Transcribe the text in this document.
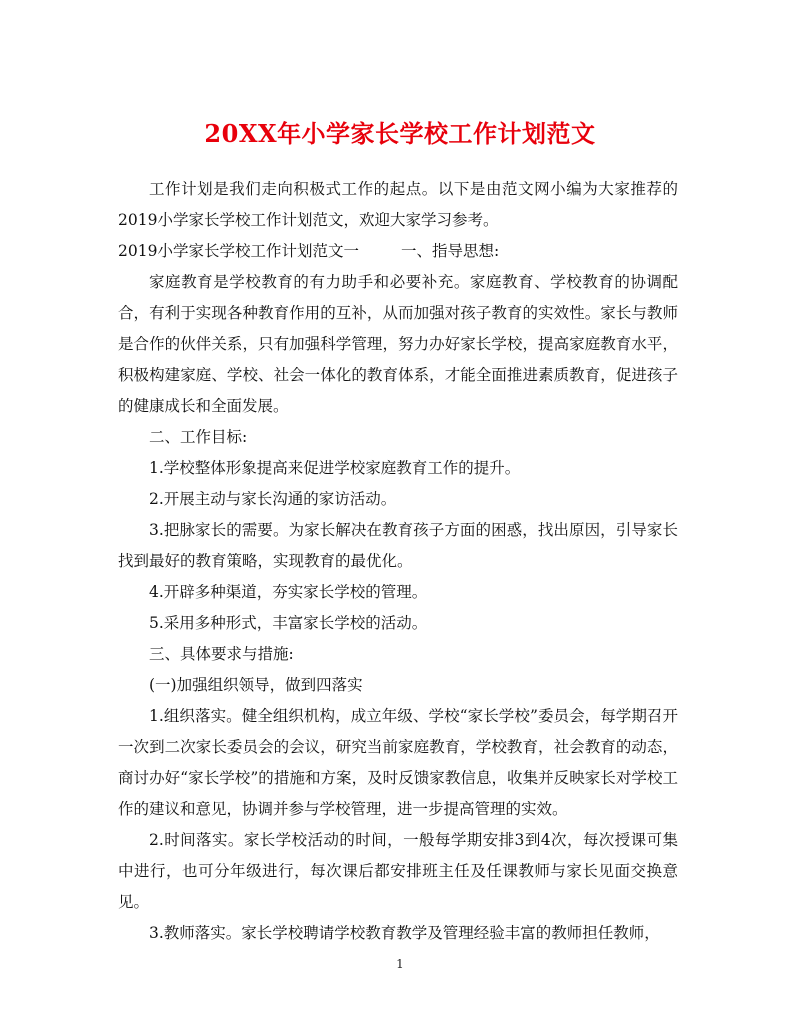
20XX年小学家长学校工作计划范文

工作计划是我们走向积极式工作的起点。以下是由范文网小编为大家推荐的2019小学家长学校工作计划范文，欢迎大家学习参考。

2019小学家长学校工作计划范文一	一、指导思想:

家庭教育是学校教育的有力助手和必要补充。家庭教育、学校教育的协调配合，有利于实现各种教育作用的互补，从而加强对孩子教育的实效性。家长与教师是合作的伙伴关系，只有加强科学管理，努力办好家长学校，提高家庭教育水平，积极构建家庭、学校、社会一体化的教育体系，才能全面推进素质教育，促进孩子的健康成长和全面发展。

二、工作目标:

1.学校整体形象提高来促进学校家庭教育工作的提升。

2.开展主动与家长沟通的家访活动。

3.把脉家长的需要。为家长解决在教育孩子方面的困惑，找出原因，引导家长找到最好的教育策略，实现教育的最优化。

4.开辟多种渠道，夯实家长学校的管理。

5.采用多种形式，丰富家长学校的活动。

三、具体要求与措施:

(一)加强组织领导，做到四落实

1.组织落实。健全组织机构，成立年级、学校“家长学校”委员会，每学期召开一次到二次家长委员会的会议，研究当前家庭教育，学校教育，社会教育的动态，商讨办好“家长学校”的措施和方案，及时反馈家教信息，收集并反映家长对学校工作的建议和意见，协调并参与学校管理，进一步提高管理的实效。

2.时间落实。家长学校活动的时间，一般每学期安排3到4次，每次授课可集中进行，也可分年级进行，每次课后都安排班主任及任课教师与家长见面交换意见。

3.教师落实。家长学校聘请学校教育教学及管理经验丰富的教师担任教师，

1
